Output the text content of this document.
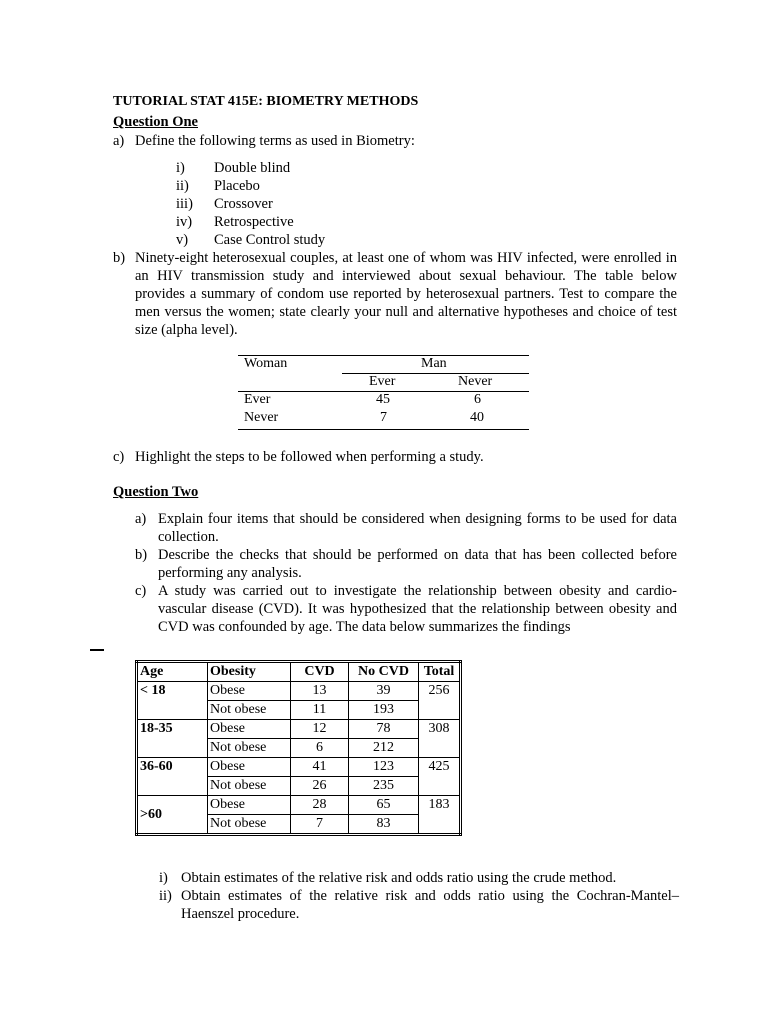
TUTORIAL STAT 415E: BIOMETRY METHODS
Question One
a) Define the following terms as used in Biometry:
i) Double blind
ii) Placebo
iii) Crossover
iv) Retrospective
v) Case Control study
b) Ninety-eight heterosexual couples, at least one of whom was HIV infected, were enrolled in an HIV transmission study and interviewed about sexual behaviour. The table below provides a summary of condom use reported by heterosexual partners. Test to compare the men versus the women; state clearly your null and alternative hypotheses and choice of test size (alpha level).
Woman	Man
Ever	Never
Ever	45	6
Never	7	40
c) Highlight the steps to be followed when performing a study.
Question Two
a) Explain four items that should be considered when designing forms to be used for data collection.
b) Describe the checks that should be performed on data that has been collected before performing any analysis.
c) A study was carried out to investigate the relationship between obesity and cardio-vascular disease (CVD). It was hypothesized that the relationship between obesity and CVD was confounded by age. The data below summarizes the findings
Age	Obesity	CVD	No CVD	Total
< 18	Obese	13	39	256
	Not obese	11	193	
18-35	Obese	12	78	308
	Not obese	6	212	
36-60	Obese	41	123	425
	Not obese	26	235	
>60	Obese	28	65	183
	Not obese	7	83	
i) Obtain estimates of the relative risk and odds ratio using the crude method.
ii) Obtain estimates of the relative risk and odds ratio using the Cochran-Mantel–Haenszel procedure.
